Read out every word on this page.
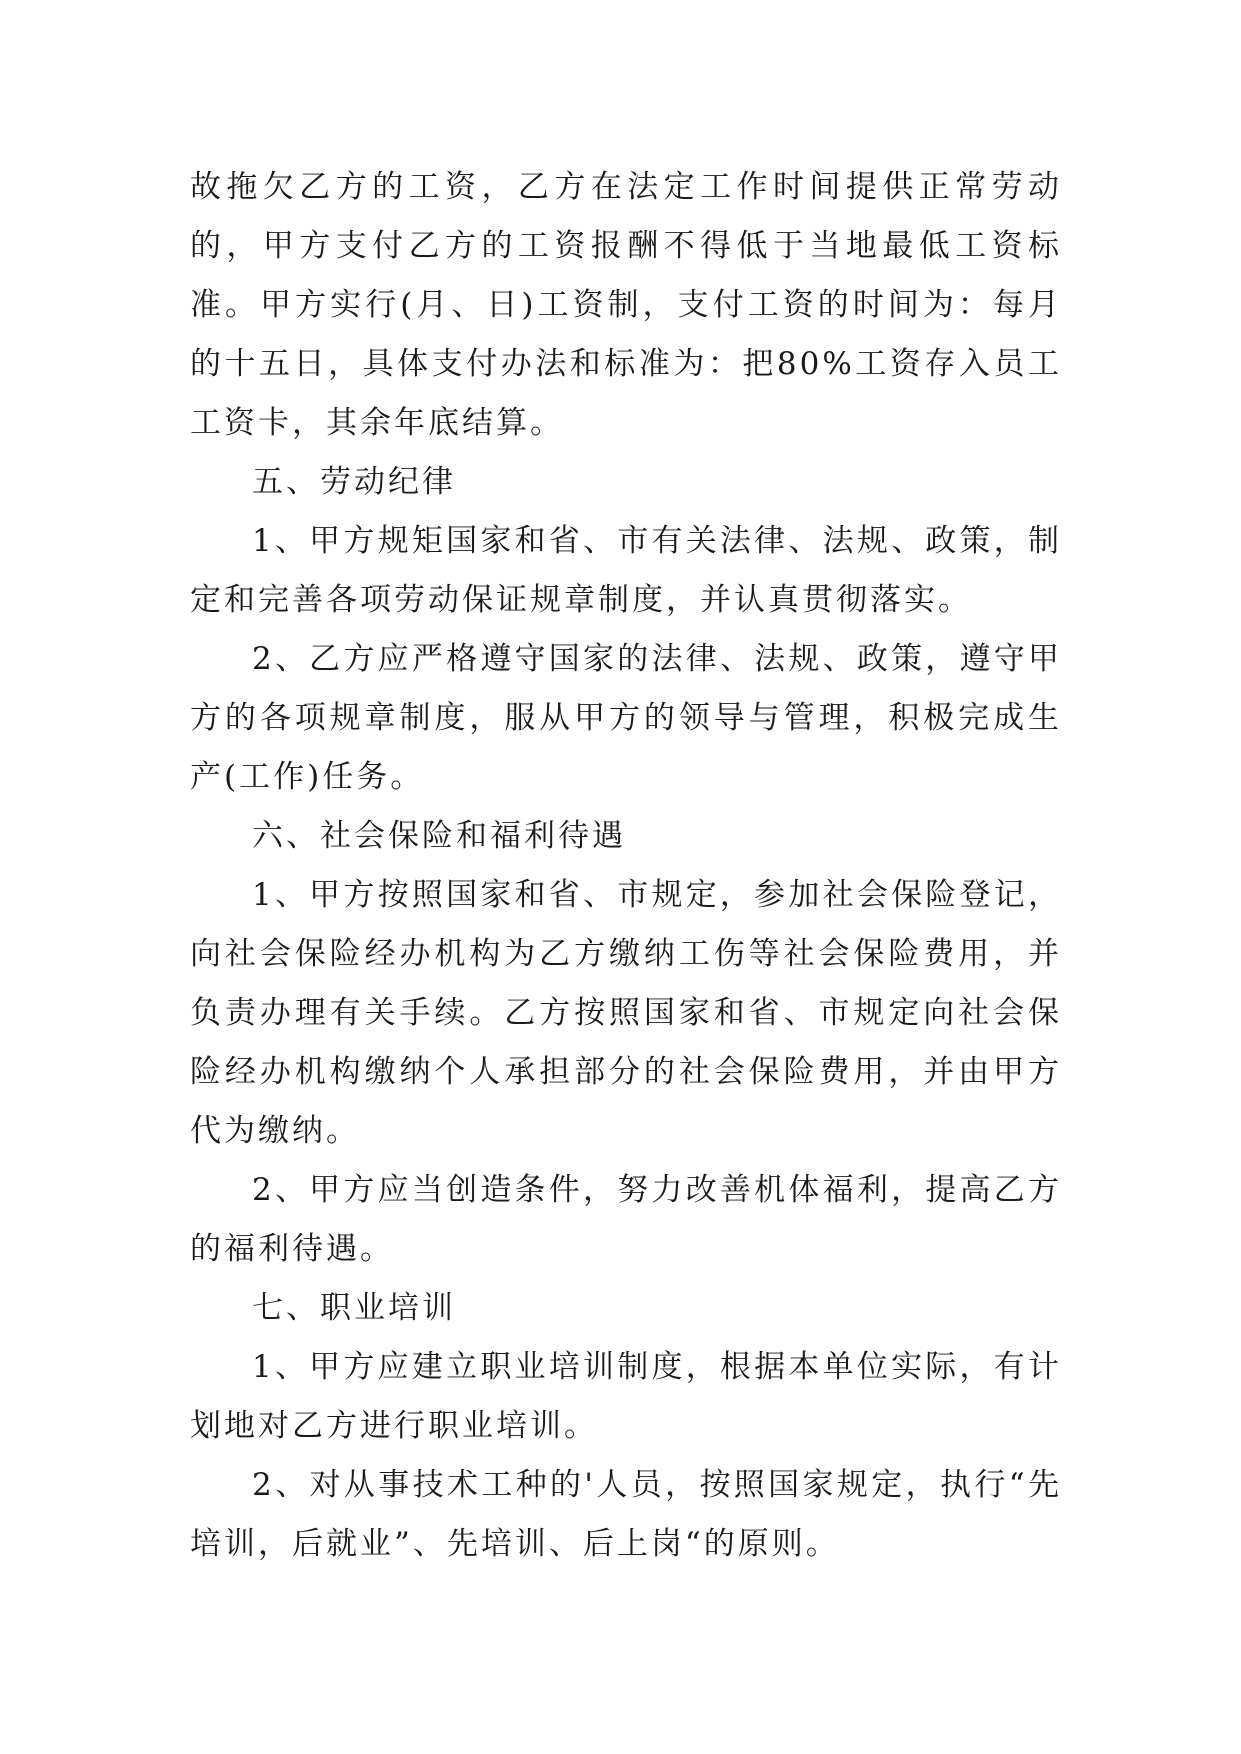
故拖欠乙方的工资，乙方在法定工作时间提供正常劳动的，甲方支付乙方的工资报酬不得低于当地最低工资标准。甲方实行(月、日)工资制，支付工资的时间为：每月的十五日，具体支付办法和标准为：把80%工资存入员工工资卡，其余年底结算。

五、劳动纪律

1、甲方规矩国家和省、市有关法律、法规、政策，制定和完善各项劳动保证规章制度，并认真贯彻落实。

2、乙方应严格遵守国家的法律、法规、政策，遵守甲方的各项规章制度，服从甲方的领导与管理，积极完成生产(工作)任务。

六、社会保险和福利待遇

1、甲方按照国家和省、市规定，参加社会保险登记，向社会保险经办机构为乙方缴纳工伤等社会保险费用，并负责办理有关手续。乙方按照国家和省、市规定向社会保险经办机构缴纳个人承担部分的社会保险费用，并由甲方代为缴纳。

2、甲方应当创造条件，努力改善机体福利，提高乙方的福利待遇。

七、职业培训

1、甲方应建立职业培训制度，根据本单位实际，有计划地对乙方进行职业培训。

2、对从事技术工种的'人员，按照国家规定，执行“先培训，后就业”、先培训、后上岗“的原则。
